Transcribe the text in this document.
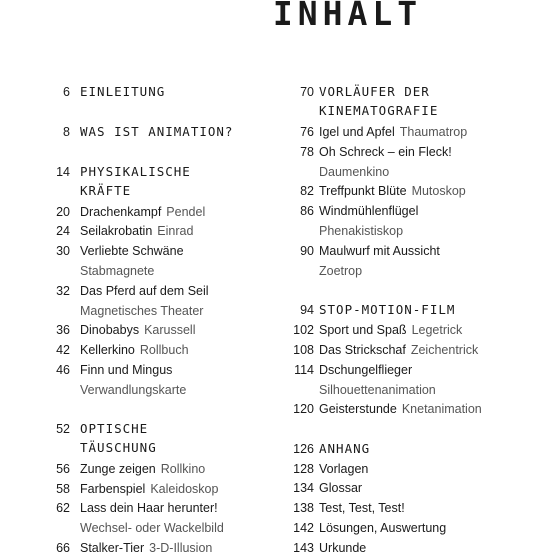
INHALT
6 EINLEITUNG
8 WAS IST ANIMATION?
14 PHYSIKALISCHE
KRÄFTE
20 Drachenkampf Pendel
24 Seilakrobatin Einrad
30 Verliebte Schwäne
Stabmagnete
32 Das Pferd auf dem Seil
Magnetisches Theater
36 Dinobabys Karussell
42 Kellerkino Rollbuch
46 Finn und Mingus
Verwandlungskarte
52 OPTISCHE
TÄUSCHUNG
56 Zunge zeigen Rollkino
58 Farbenspiel Kaleidoskop
62 Lass dein Haar herunter!
Wechsel- oder Wackelbild
66 Stalker-Tier 3-D-Illusion
70 VORLÄUFER DER
KINEMATOGRAFIE
76 Igel und Apfel Thaumatrop
78 Oh Schreck – ein Fleck!
Daumenkino
82 Treffpunkt Blüte Mutoskop
86 Windmühlenflügel
Phenakistiskop
90 Maulwurf mit Aussicht
Zoetrop
94 STOP-MOTION-FILM
102 Sport und Spaß Legetrick
108 Das Strickschaf Zeichentrick
114 Dschungelflieger
Silhouettenanimation
120 Geisterstunde Knetanimation
126 ANHANG
128 Vorlagen
134 Glossar
138 Test, Test, Test!
142 Lösungen, Auswertung
143 Urkunde
